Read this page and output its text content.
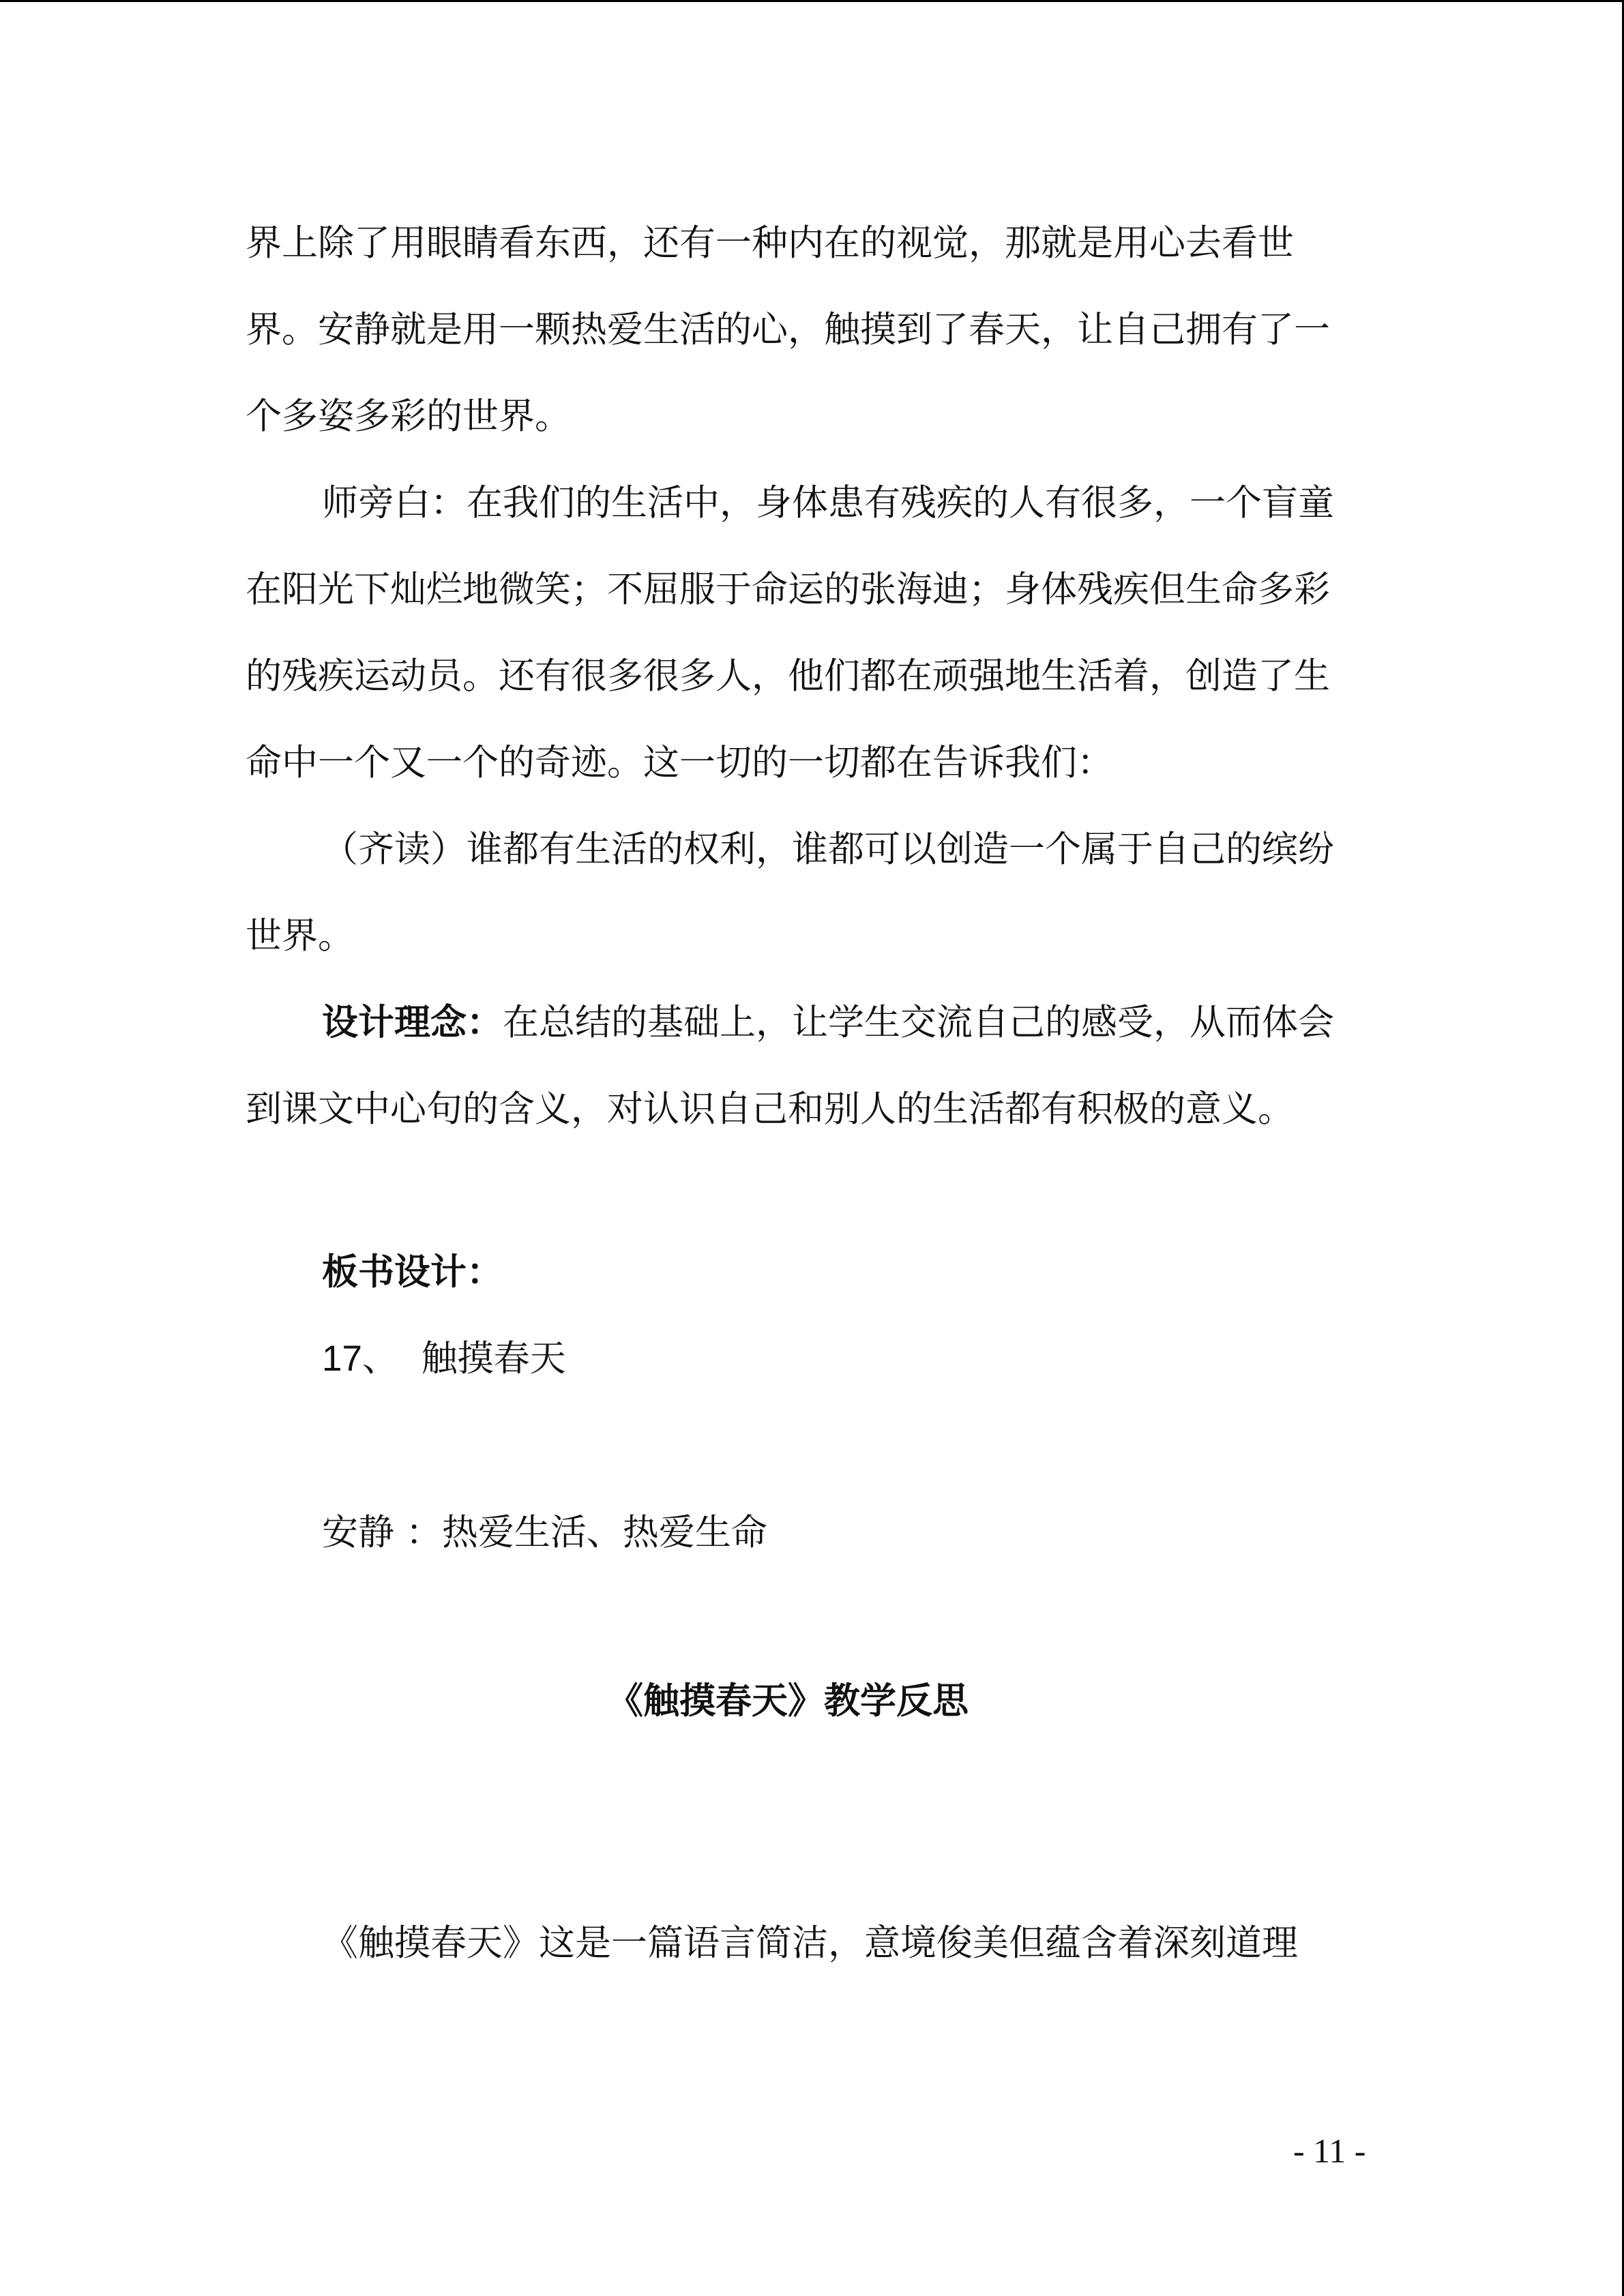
界上除了用眼睛看东西，还有一种内在的视觉，那就是用心去看世界。安静就是用一颗热爱生活的心，触摸到了春天，让自己拥有了一个多姿多彩的世界。

师旁白：在我们的生活中，身体患有残疾的人有很多，一个盲童在阳光下灿烂地微笑；不屈服于命运的张海迪；身体残疾但生命多彩的残疾运动员。还有很多很多人，他们都在顽强地生活着，创造了生命中一个又一个的奇迹。这一切的一切都在告诉我们：

（齐读）谁都有生活的权利，谁都可以创造一个属于自己的缤纷世界。

设计理念：在总结的基础上，让学生交流自己的感受，从而体会到课文中心句的含义，对认识自己和别人的生活都有积极的意义。

板书设计：

17、 触摸春天

安静 ：热爱生活、热爱生命

《触摸春天》教学反思

《触摸春天》这是一篇语言简洁，意境俊美但蕴含着深刻道理

- 11 -
